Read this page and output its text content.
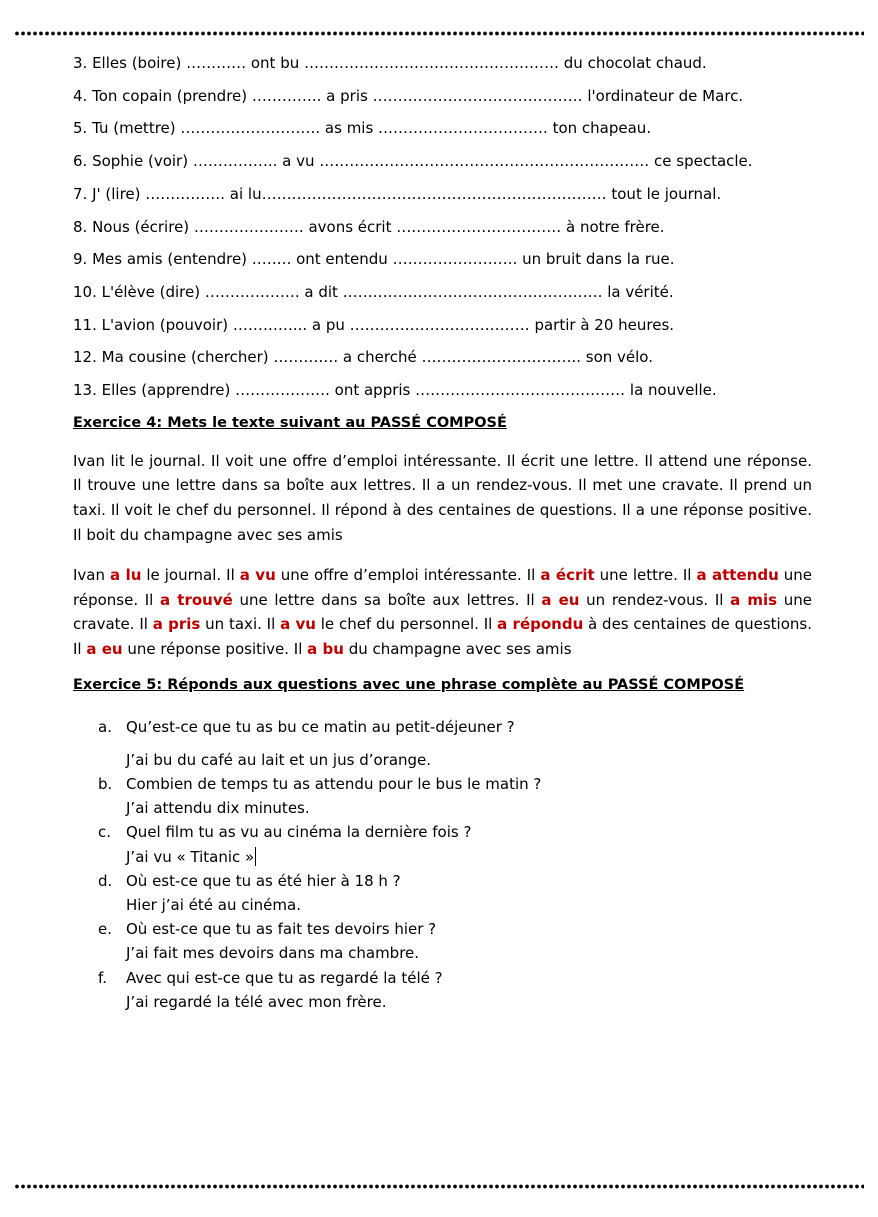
3. Elles (boire) ………… ont bu …………………………………………… du chocolat chaud.
4. Ton copain (prendre) ………….. a pris …………………………………… l'ordinateur de Marc.
5. Tu (mettre) ………………………. as mis ……………………………. ton chapeau.
6. Sophie (voir) …………….. a vu ………………………………………………………… ce spectacle.
7. J' (lire) ……………. ai lu…………………………………………………………… tout le journal.
8. Nous (écrire) …………………. avons écrit …………………………… à notre frère.
9. Mes amis (entendre) …….. ont entendu ……………………. un bruit dans la rue.
10. L'élève (dire) ………………. a dit ……………………………………………. la vérité.
11. L'avion (pouvoir) …………... a pu ……………………………… partir à 20 heures.
12. Ma cousine (chercher) …………. a cherché ………………………….. son vélo.
13. Elles (apprendre) ………………. ont appris …………………………………… la nouvelle.
Exercice 4: Mets le texte suivant au PASSÉ COMPOSÉ

Ivan lit le journal. Il voit une offre d’emploi intéressante. Il écrit une lettre. Il attend une réponse. Il trouve une lettre dans sa boîte aux lettres. Il a un rendez-vous. Il met une cravate. Il prend un taxi. Il voit le chef du personnel. Il répond à des centaines de questions. Il a une réponse positive. Il boit du champagne avec ses amis

Ivan a lu le journal. Il a vu une offre d’emploi intéressante. Il a écrit une lettre. Il a attendu une réponse. Il a trouvé une lettre dans sa boîte aux lettres. Il a eu un rendez-vous. Il a mis une cravate. Il a pris un taxi. Il a vu le chef du personnel. Il a répondu à des centaines de questions. Il a eu une réponse positive. Il a bu du champagne avec ses amis

Exercice 5: Réponds aux questions avec une phrase complète au PASSÉ COMPOSÉ
a. Qu’est-ce que tu as bu ce matin au petit-déjeuner ?
J’ai bu du café au lait et un jus d’orange.
b. Combien de temps tu as attendu pour le bus le matin ?
J’ai attendu dix minutes.
c. Quel film tu as vu au cinéma la dernière fois ?
J’ai vu « Titanic »
d. Où est-ce que tu as été hier à 18 h ?
Hier j’ai été au cinéma.
e. Où est-ce que tu as fait tes devoirs hier ?
J’ai fait mes devoirs dans ma chambre.
f. Avec qui est-ce que tu as regardé la télé ?
J’ai regardé la télé avec mon frère.
